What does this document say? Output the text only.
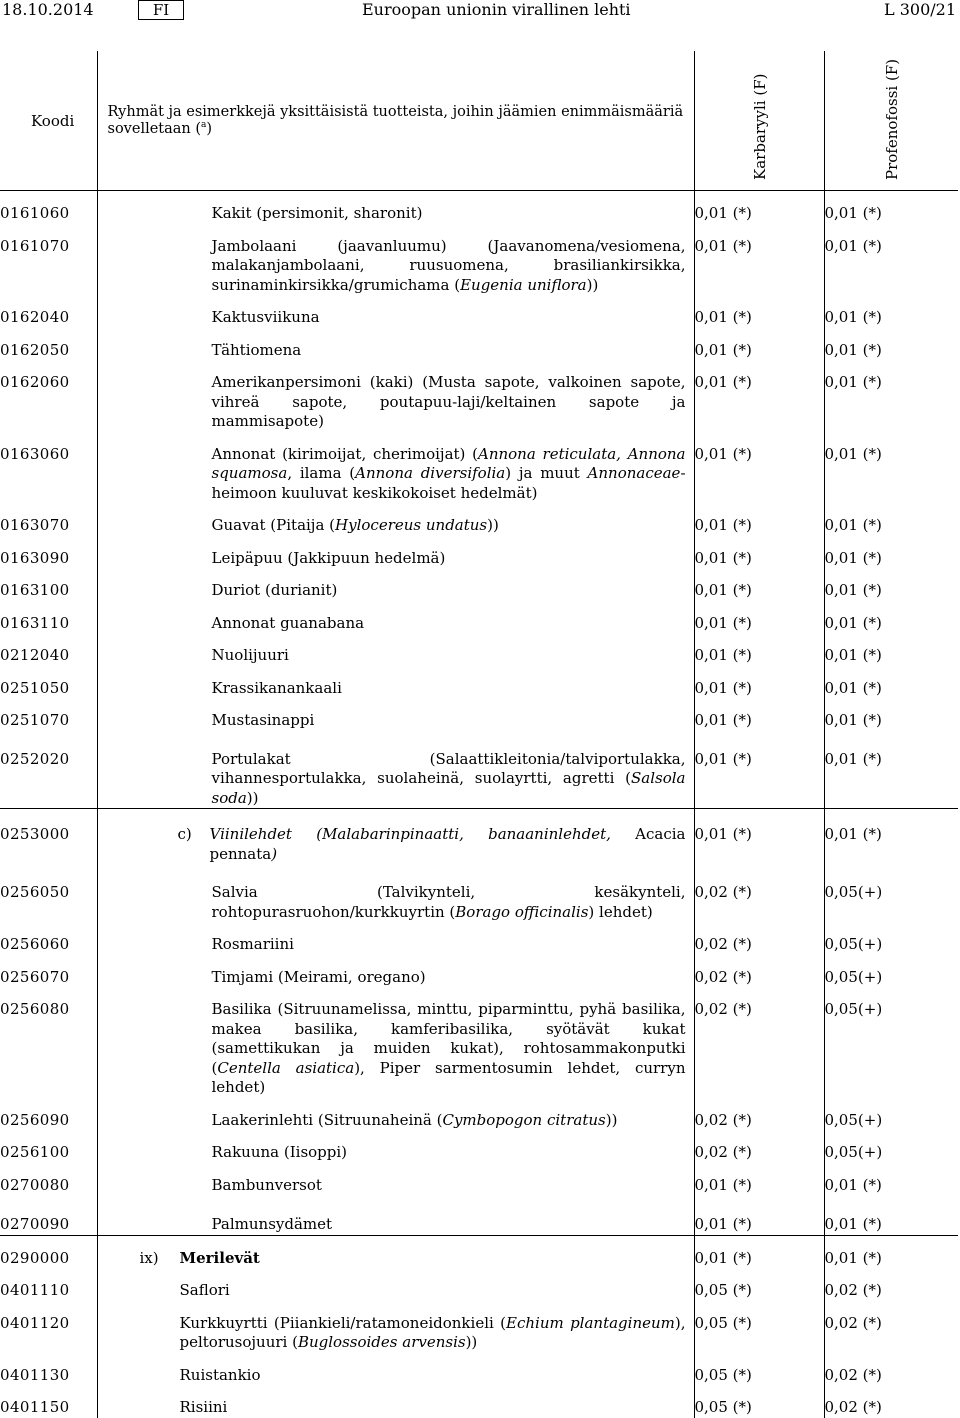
18.10.2014	FI	Euroopan unionin virallinen lehti	L 300/21
Koodi	Ryhmät ja esimerkkejä yksittäisistä tuotteista, joihin jäämien enimmäismääriä sovelletaan ($^a$)	Karbaryyli (F)	Profenofossi (F)

0161060	Kakit (persimonit, sharonit)	0,01 (*)	0,01 (*)
0161070	Jambolaani (jaavanluumu) (Jaavanomena/vesiomena, malakanjambolaani, ruusuomena, brasiliankirsikka, surinaminkirsikka/grumichama (Eugenia uniflora))	0,01 (*)	0,01 (*)
0162040	Kaktusviikuna	0,01 (*)	0,01 (*)
0162050	Tähtiomena	0,01 (*)	0,01 (*)
0162060	Amerikanpersimoni (kaki) (Musta sapote, valkoinen sapote, vihreä sapote, poutapuu-laji/keltainen sapote ja mammisapote)	0,01 (*)	0,01 (*)
0163060	Annonat (kirimoijat, cherimoijat) (Annona reticulata, Annona squamosa, ilama (Annona diversifolia) ja muut Annonaceae-heimoon kuuluvat keskikokoiset hedelmät)	0,01 (*)	0,01 (*)
0163070	Guavat (Pitaija (Hylocereus undatus))	0,01 (*)	0,01 (*)
0163090	Leipäpuu (Jakkipuun hedelmä)	0,01 (*)	0,01 (*)
0163100	Duriot (durianit)	0,01 (*)	0,01 (*)
0163110	Annonat guanabana	0,01 (*)	0,01 (*)
0212040	Nuolijuuri	0,01 (*)	0,01 (*)
0251050	Krassikanankaali	0,01 (*)	0,01 (*)
0251070	Mustasinappi	0,01 (*)	0,01 (*)
0252020	Portulakat (Salaattikleitonia/talviportulakka, vihannesportulakka, suolaheinä, suolayrtti, agretti (Salsola soda))	0,01 (*)	0,01 (*)
0253000	c) Viinilehdet (Malabarinpinaatti, banaaninlehdet, Acacia pennata)	0,01 (*)	0,01 (*)
0256050	Salvia (Talvikynteli, kesäkynteli, rohtopurasruohon/kurkkuyrtin (Borago officinalis) lehdet)	0,02 (*)	0,05(+)
0256060	Rosmariini	0,02 (*)	0,05(+)
0256070	Timjami (Meirami, oregano)	0,02 (*)	0,05(+)
0256080	Basilika (Sitruunamelissa, minttu, piparminttu, pyhä basilika, makea basilika, kamferibasilika, syötävät kukat (samettikukan ja muiden kukat), rohtosammakonputki (Centella asiatica), Piper sarmentosumin lehdet, curryn lehdet)	0,02 (*)	0,05(+)
0256090	Laakerinlehti (Sitruunaheinä (Cymbopogon citratus))	0,02 (*)	0,05(+)
0256100	Rakuuna (Iisoppi)	0,02 (*)	0,05(+)
0270080	Bambunversot	0,01 (*)	0,01 (*)
0270090	Palmunsydämet	0,01 (*)	0,01 (*)
0290000	ix) Merilevät	0,01 (*)	0,01 (*)
0401110	Saflori	0,05 (*)	0,02 (*)
0401120	Kurkkuyrtti (Piiankieli/ratamoneidonkieli (Echium plantagineum), peltorusojuuri (Buglossoides arvensis))	0,05 (*)	0,02 (*)
0401130	Ruistankio	0,05 (*)	0,02 (*)
0401150	Risiini	0,05 (*)	0,02 (*)
